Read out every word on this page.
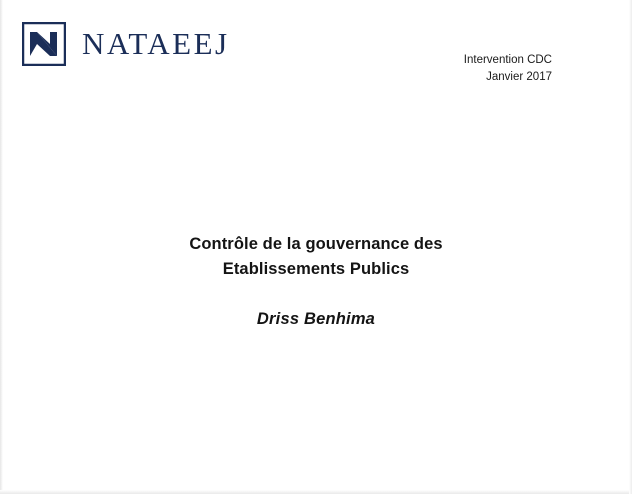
NATAEEJ	Intervention CDC
Janvier 2017
Contrôle de la gouvernance des
Etablissements Publics
Driss Benhima
